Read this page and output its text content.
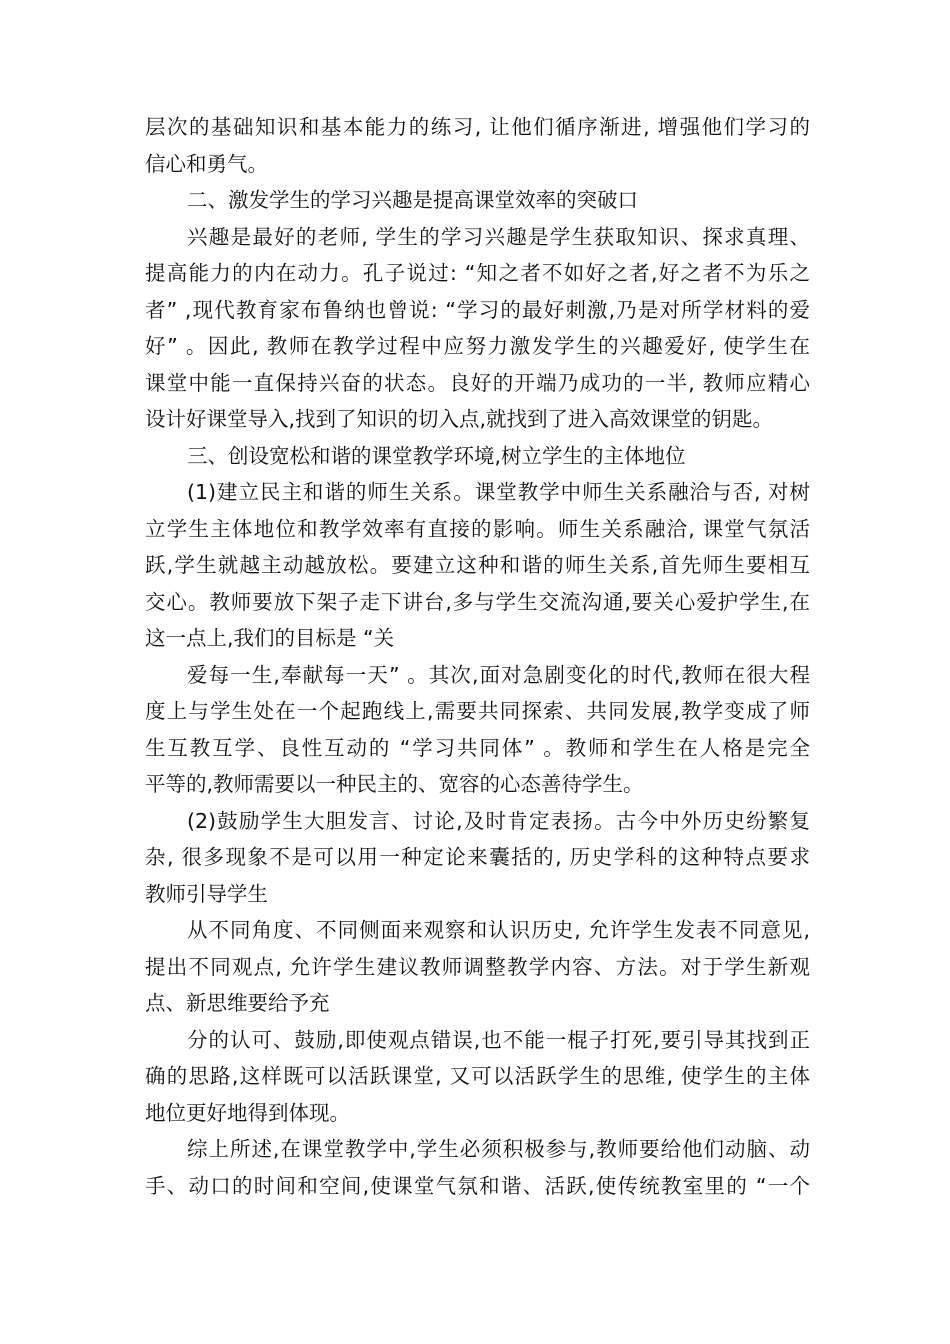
层次的基础知识和基本能力的练习, 让他们循序渐进, 增强他们学习的
信心和勇气。
二、激发学生的学习兴趣是提高课堂效率的突破口
兴趣是最好的老师, 学生的学习兴趣是学生获取知识、探求真理、
提高能力的内在动力。孔子说过: “知之者不如好之者,好之者不为乐之
者” ,现代教育家布鲁纳也曾说: “学习的最好刺激,乃是对所学材料的爱
好” 。因此, 教师在教学过程中应努力激发学生的兴趣爱好, 使学生在
课堂中能一直保持兴奋的状态。良好的开端乃成功的一半, 教师应精心
设计好课堂导入,找到了知识的切入点,就找到了进入高效课堂的钥匙。
三、创设宽松和谐的课堂教学环境,树立学生的主体地位
(1)建立民主和谐的师生关系。课堂教学中师生关系融洽与否, 对树
立学生主体地位和教学效率有直接的影响。师生关系融洽, 课堂气氛活
跃,学生就越主动越放松。要建立这种和谐的师生关系,首先师生要相互
交心。教师要放下架子走下讲台,多与学生交流沟通,要关心爱护学生,在
这一点上,我们的目标是 “关
爱每一生,奉献每一天” 。其次,面对急剧变化的时代,教师在很大程
度上与学生处在一个起跑线上,需要共同探索、共同发展,教学变成了师
生互教互学、良性互动的 “学习共同体” 。教师和学生在人格是完全
平等的,教师需要以一种民主的、宽容的心态善待学生。
(2)鼓励学生大胆发言、讨论,及时肯定表扬。古今中外历史纷繁复
杂, 很多现象不是可以用一种定论来囊括的, 历史学科的这种特点要求
教师引导学生
从不同角度、不同侧面来观察和认识历史, 允许学生发表不同意见,
提出不同观点, 允许学生建议教师调整教学内容、方法。对于学生新观
点、新思维要给予充
分的认可、鼓励,即使观点错误,也不能一棍子打死,要引导其找到正
确的思路,这样既可以活跃课堂, 又可以活跃学生的思维, 使学生的主体
地位更好地得到体现。
综上所述,在课堂教学中,学生必须积极参与,教师要给他们动脑、动
手、动口的时间和空间,使课堂气氛和谐、活跃,使传统教室里的 “一个
